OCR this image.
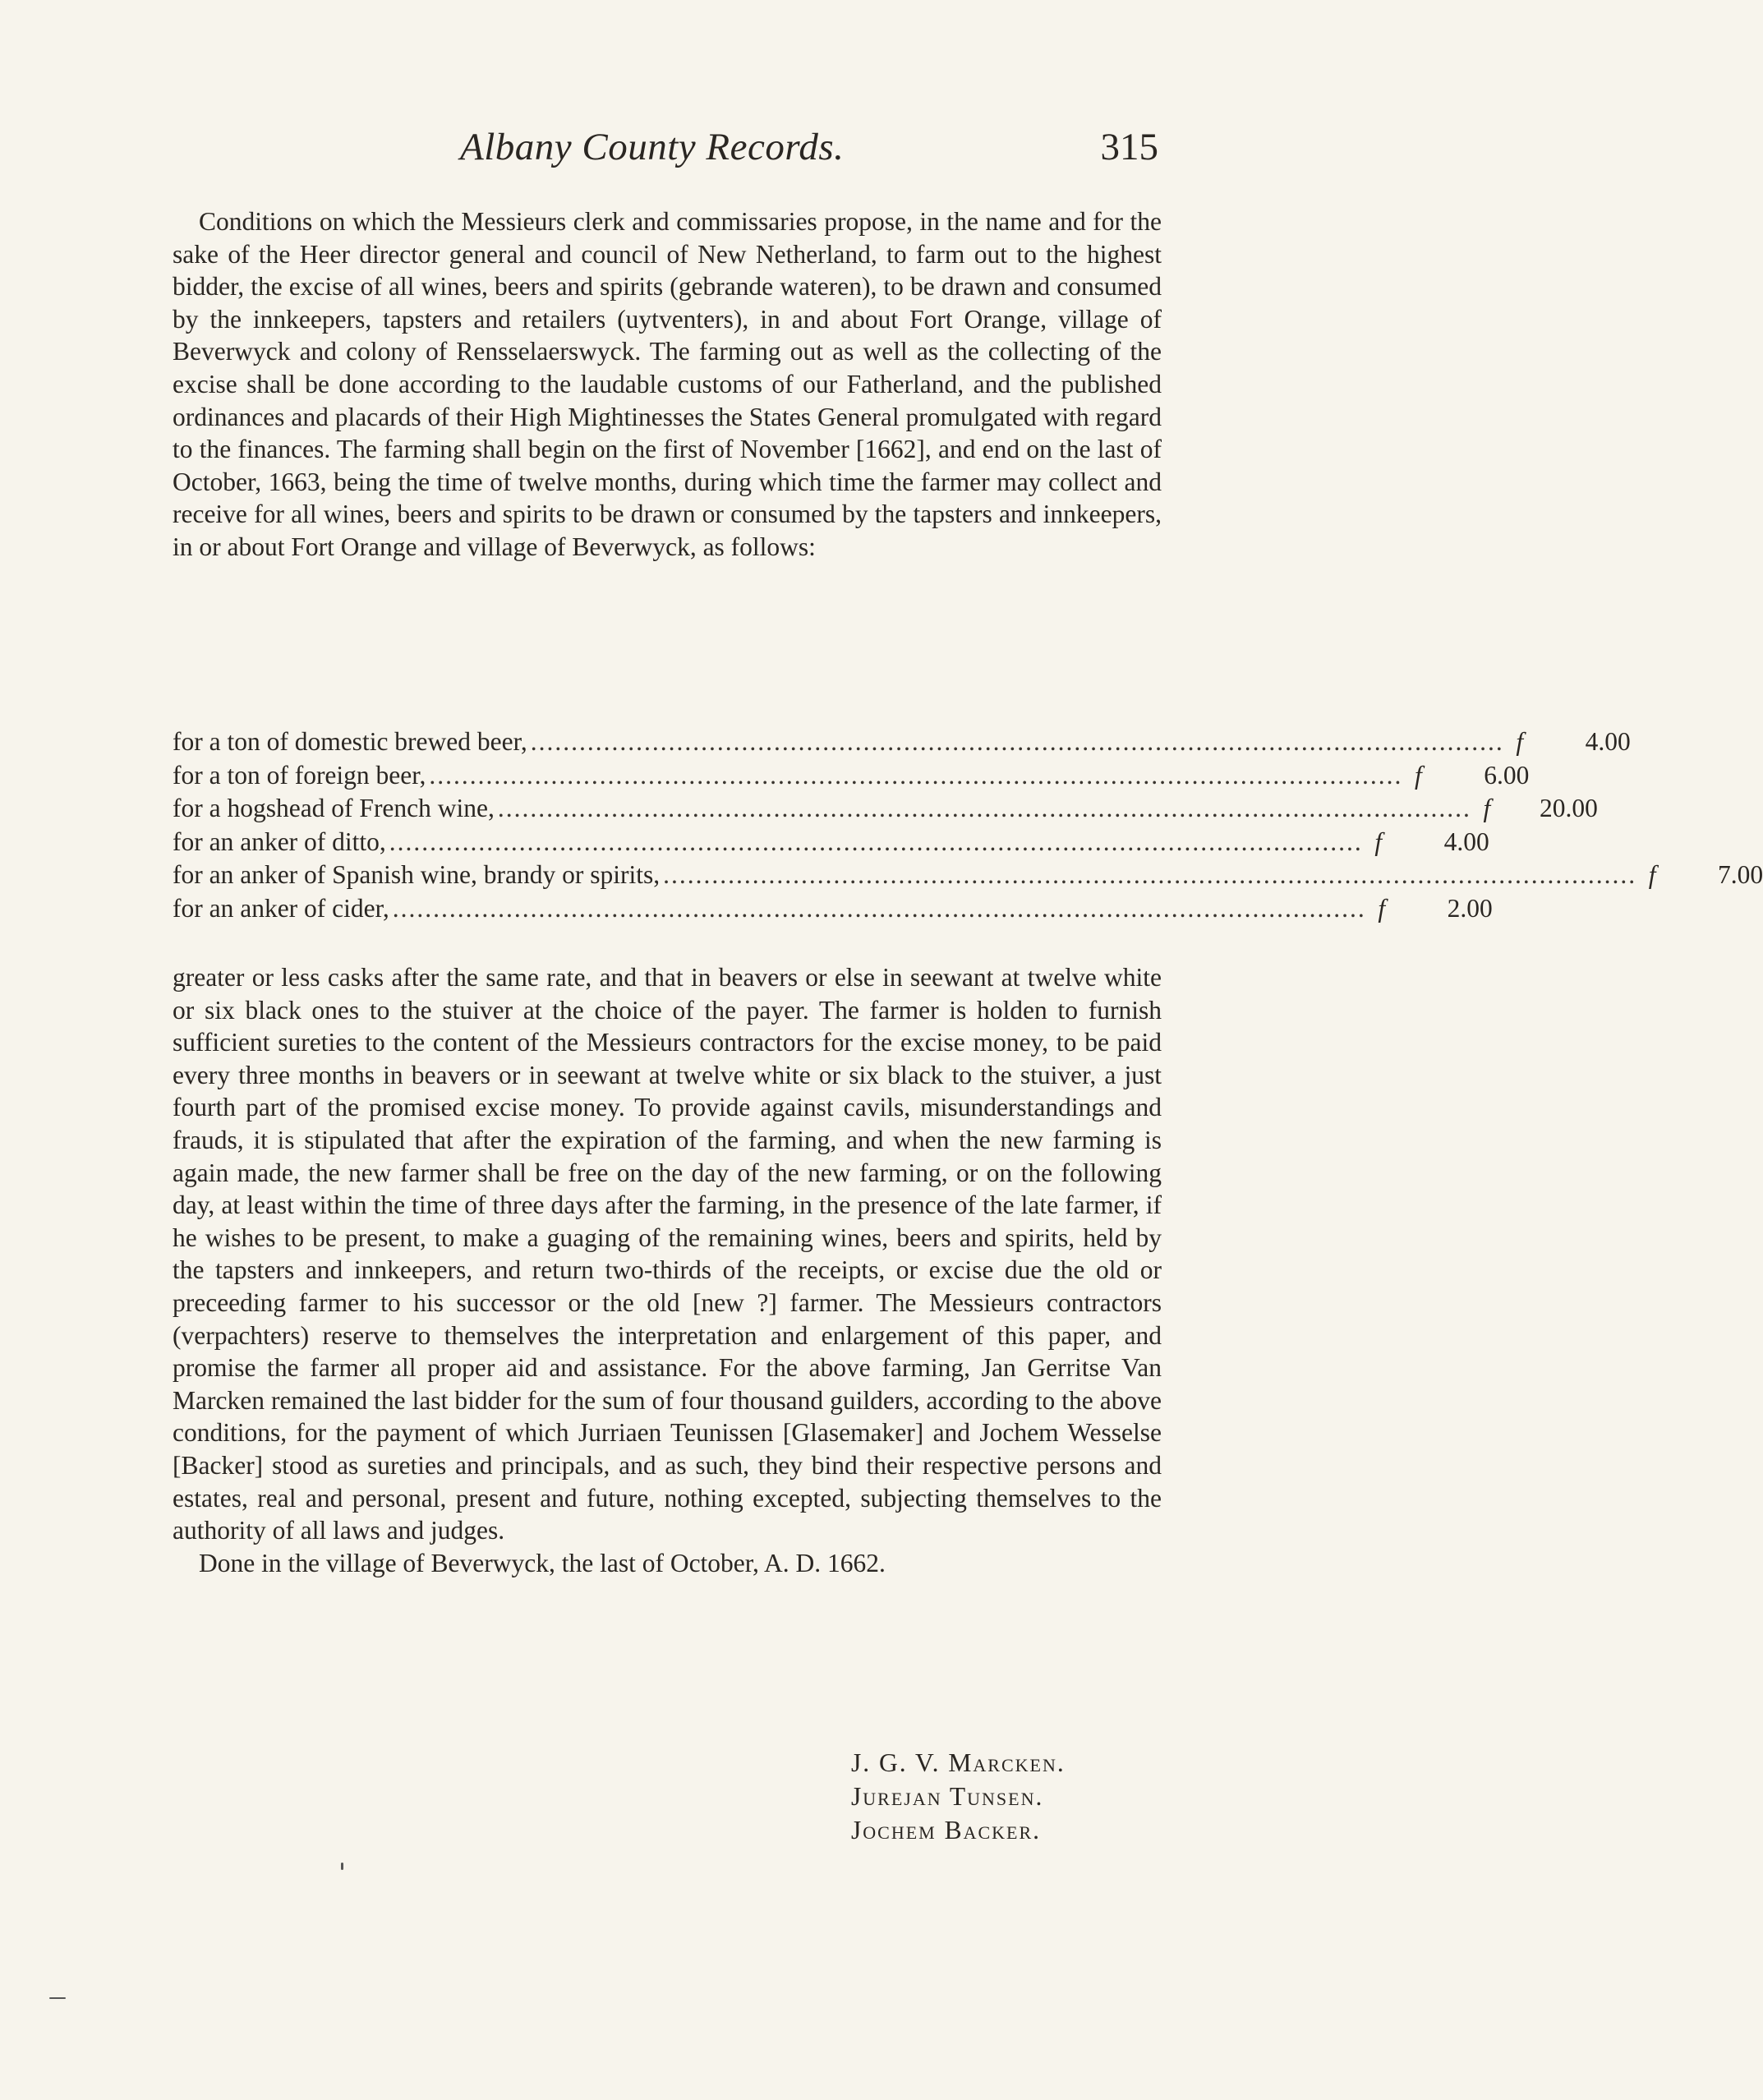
Albany County Records.	315

Conditions on which the Messieurs clerk and commissaries propose, in the name and for the sake of the Heer director general and council of New Netherland, to farm out to the highest bidder, the excise of all wines, beers and spirits (gebrande wateren), to be drawn and consumed by the innkeepers, tapsters and retailers (uytventers), in and about Fort Orange, village of Beverwyck and colony of Rensselaerswyck. The farming out as well as the collecting of the excise shall be done according to the laudable customs of our Fatherland, and the published ordinances and placards of their High Mightinesses the States General promulgated with regard to the finances. The farming shall begin on the first of November [1662], and end on the last of October, 1663, being the time of twelve months, during which time the farmer may collect and receive for all wines, beers and spirits to be drawn or consumed by the tapsters and innkeepers, in or about Fort Orange and village of Beverwyck, as follows:

for a ton of domestic brewed beer, ........................................................................................................................ f	4.00
for a ton of foreign beer, ........................................................................................................................ f	6.00
for a hogshead of French wine, ........................................................................................................................ f	20.00
for an anker of ditto, ........................................................................................................................ f	4.00
for an anker of Spanish wine, brandy or spirits, ........................................................................................................................ f	7.00
for an anker of cider, ........................................................................................................................ f	2.00

greater or less casks after the same rate, and that in beavers or else in seewant at twelve white or six black ones to the stuiver at the choice of the payer. The farmer is holden to furnish sufficient sureties to the content of the Messieurs contractors for the excise money, to be paid every three months in beavers or in seewant at twelve white or six black to the stuiver, a just fourth part of the promised excise money. To provide against cavils, misunderstandings and frauds, it is stipulated that after the expiration of the farming, and when the new farming is again made, the new farmer shall be free on the day of the new farming, or on the following day, at least within the time of three days after the farming, in the presence of the late farmer, if he wishes to be present, to make a guaging of the remaining wines, beers and spirits, held by the tapsters and innkeepers, and return two-thirds of the receipts, or excise due the old or preceeding farmer to his successor or the old [new ?] farmer. The Messieurs contractors (verpachters) reserve to themselves the interpretation and enlargement of this paper, and promise the farmer all proper aid and assistance. For the above farming, Jan Gerritse Van Marcken remained the last bidder for the sum of four thousand guilders, according to the above conditions, for the payment of which Jurriaen Teunissen [Glasemaker] and Jochem Wesselse [Backer] stood as sureties and principals, and as such, they bind their respective persons and estates, real and personal, present and future, nothing excepted, subjecting themselves to the authority of all laws and judges.

Done in the village of Beverwyck, the last of October, A. D. 1662.

J. G. V. Marcken.
Jurejan Tunsen.
Jochem Backer.
